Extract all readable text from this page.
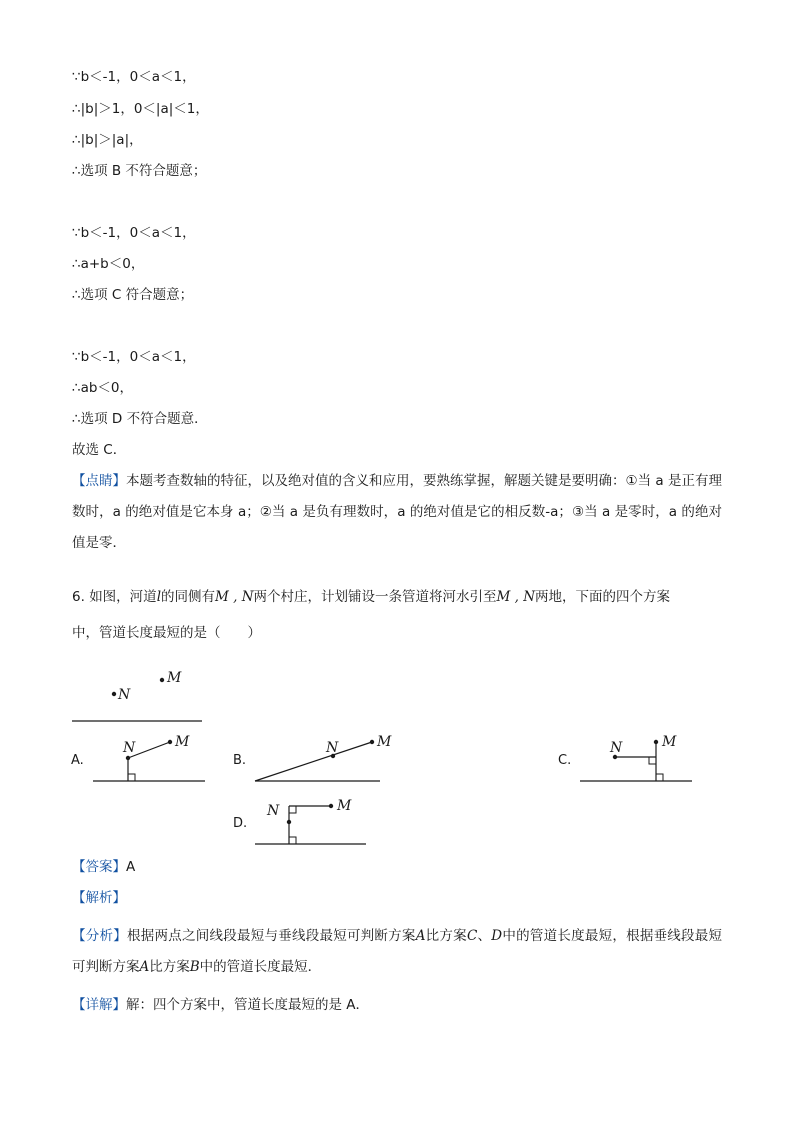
∵b＜-1，0＜a＜1，
∴|b|＞1，0＜|a|＜1，
∴|b|＞|a|，
∴选项 B 不符合题意；
∵b＜-1，0＜a＜1，
∴a+b＜0，
∴选项 C 符合题意；
∵b＜-1，0＜a＜1，
∴ab＜0，
∴选项 D 不符合题意．
故选 C．
【点睛】本题考查数轴的特征，以及绝对值的含义和应用，要熟练掌握，解题关键是要明确：①当 a 是正有理数时，a 的绝对值是它本身 a；②当 a 是负有理数时，a 的绝对值是它的相反数-a；③当 a 是零时，a 的绝对值是零．
6. 如图，河道l的同侧有M , N两个村庄，计划铺设一条管道将河水引至M , N两地，下面的四个方案
中，管道长度最短的是（　　）
M
N
A.
N	M
B.
N	M
C.
N	M
D.
N	M
【答案】A
【解析】
【分析】根据两点之间线段最短与垂线段最短可判断方案A比方案C、D中的管道长度最短，根据垂线段最短可判断方案A比方案B中的管道长度最短．
【详解】解：四个方案中，管道长度最短的是 A．
